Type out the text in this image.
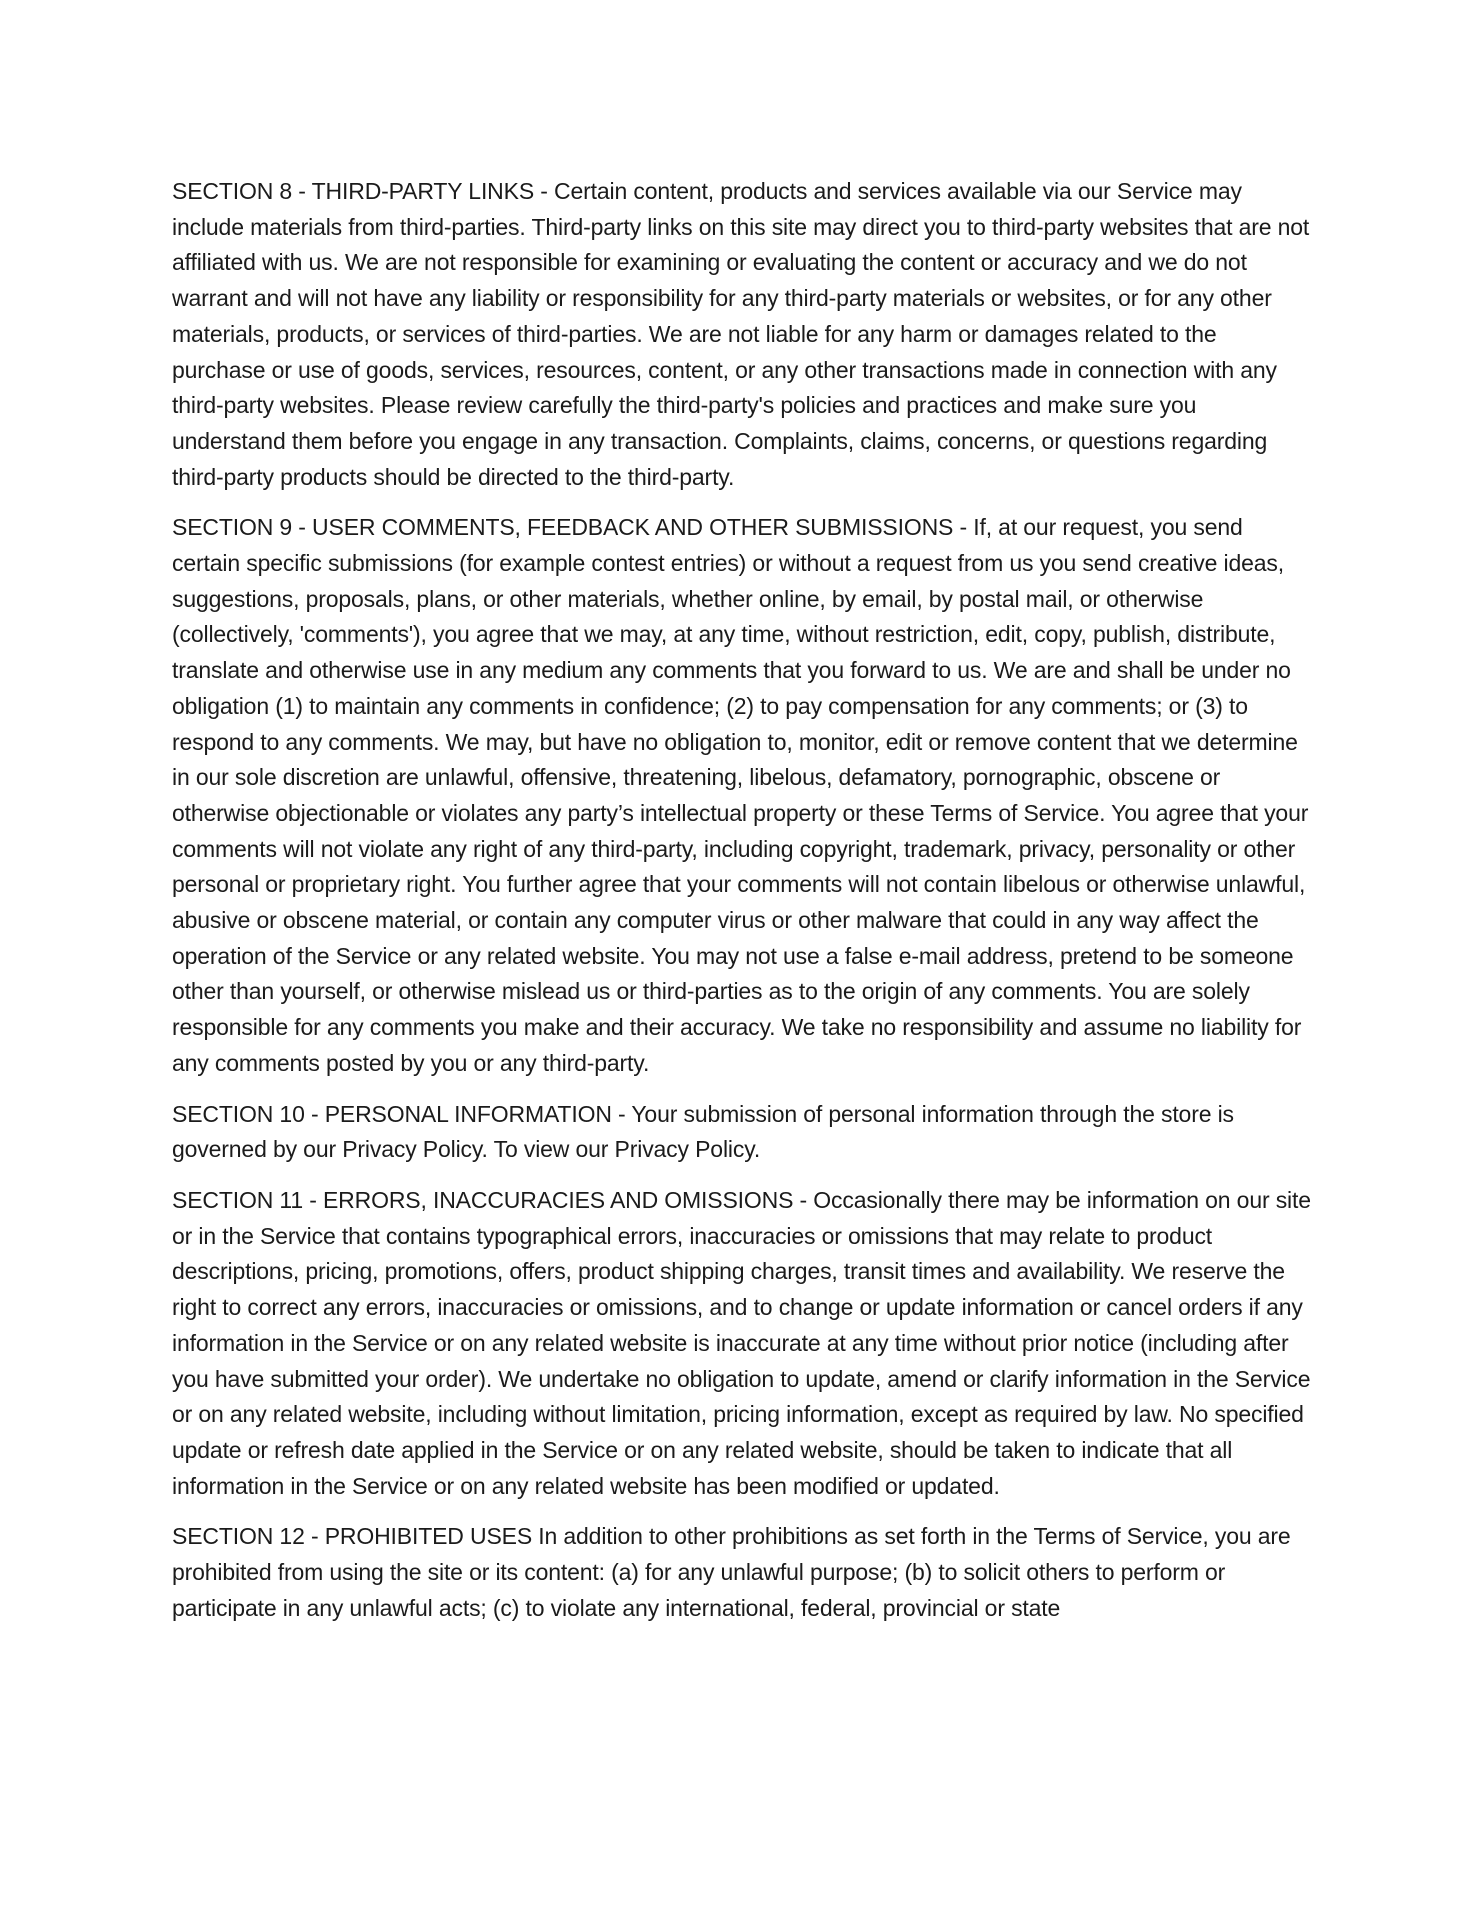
SECTION 8 - THIRD-PARTY LINKS - Certain content, products and services available via our Service may include materials from third-parties. Third-party links on this site may direct you to third-party websites that are not affiliated with us. We are not responsible for examining or evaluating the content or accuracy and we do not warrant and will not have any liability or responsibility for any third-party materials or websites, or for any other materials, products, or services of third-parties. We are not liable for any harm or damages related to the purchase or use of goods, services, resources, content, or any other transactions made in connection with any third-party websites. Please review carefully the third-party's policies and practices and make sure you understand them before you engage in any transaction. Complaints, claims, concerns, or questions regarding third-party products should be directed to the third-party.

SECTION 9 - USER COMMENTS, FEEDBACK AND OTHER SUBMISSIONS - If, at our request, you send certain specific submissions (for example contest entries) or without a request from us you send creative ideas, suggestions, proposals, plans, or other materials, whether online, by email, by postal mail, or otherwise (collectively, 'comments'), you agree that we may, at any time, without restriction, edit, copy, publish, distribute, translate and otherwise use in any medium any comments that you forward to us. We are and shall be under no obligation (1) to maintain any comments in confidence; (2) to pay compensation for any comments; or (3) to respond to any comments. We may, but have no obligation to, monitor, edit or remove content that we determine in our sole discretion are unlawful, offensive, threatening, libelous, defamatory, pornographic, obscene or otherwise objectionable or violates any party’s intellectual property or these Terms of Service. You agree that your comments will not violate any right of any third-party, including copyright, trademark, privacy, personality or other personal or proprietary right. You further agree that your comments will not contain libelous or otherwise unlawful, abusive or obscene material, or contain any computer virus or other malware that could in any way affect the operation of the Service or any related website. You may not use a false e-mail address, pretend to be someone other than yourself, or otherwise mislead us or third-parties as to the origin of any comments. You are solely responsible for any comments you make and their accuracy. We take no responsibility and assume no liability for any comments posted by you or any third-party.

SECTION 10 - PERSONAL INFORMATION - Your submission of personal information through the store is governed by our Privacy Policy. To view our Privacy Policy.

SECTION 11 - ERRORS, INACCURACIES AND OMISSIONS - Occasionally there may be information on our site or in the Service that contains typographical errors, inaccuracies or omissions that may relate to product descriptions, pricing, promotions, offers, product shipping charges, transit times and availability. We reserve the right to correct any errors, inaccuracies or omissions, and to change or update information or cancel orders if any information in the Service or on any related website is inaccurate at any time without prior notice (including after you have submitted your order). We undertake no obligation to update, amend or clarify information in the Service or on any related website, including without limitation, pricing information, except as required by law. No specified update or refresh date applied in the Service or on any related website, should be taken to indicate that all information in the Service or on any related website has been modified or updated.

SECTION 12 - PROHIBITED USES In addition to other prohibitions as set forth in the Terms of Service, you are prohibited from using the site or its content: (a) for any unlawful purpose; (b) to solicit others to perform or participate in any unlawful acts; (c) to violate any international, federal, provincial or state
